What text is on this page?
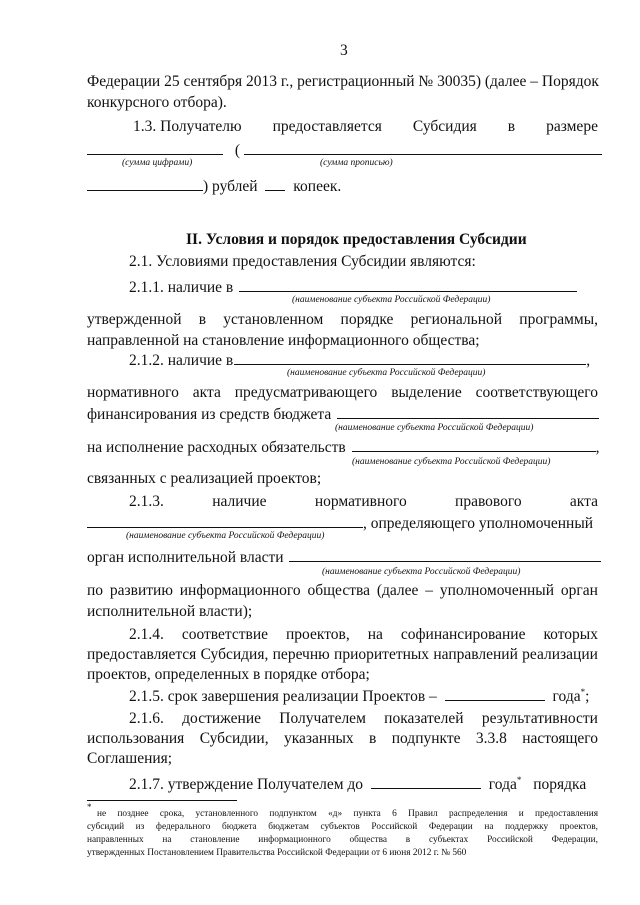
3
Федерации 25 сентября 2013 г., регистрационный № 30035) (далее – Порядок
конкурсного отбора).
1.3. Получателю предоставляется Субсидия в размере
(
(сумма цифрами)	(сумма прописью)
) рублей копеек.
II. Условия и порядок предоставления Субсидии
2.1. Условиями предоставления Субсидии являются:
2.1.1. наличие в
(наименование субъекта Российской Федерации)
утвержденной в установленном порядке региональной программы,
направленной на становление информационного общества;
2.1.2. наличие в	,
(наименование субъекта Российской Федерации)
нормативного акта предусматривающего выделение соответствующего
финансирования из средств бюджета
(наименование субъекта Российской Федерации)
на исполнение расходных обязательств	,
(наименование субъекта Российской Федерации)
связанных с реализацией проектов;
2.1.3.	наличие	нормативного	правового	акта
, определяющего уполномоченный
(наименование субъекта Российской Федерации)
орган исполнительной власти
(наименование субъекта Российской Федерации)
по развитию информационного общества (далее – уполномоченный орган
исполнительной власти);
2.1.4. соответствие проектов, на софинансирование которых
предоставляется Субсидия, перечню приоритетных направлений реализации
проектов, определенных в порядке отбора;
2.1.5. срок завершения реализации Проектов –	года*;
2.1.6. достижение Получателем показателей результативности
использования Субсидии, указанных в подпункте 3.3.8 настоящего
Соглашения;
2.1.7. утверждение Получателем до	года* порядка
*
не позднее срока, установленного подпунктом «д» пункта 6 Правил распределения и предоставления
субсидий из федерального бюджета бюджетам субъектов Российской Федерации на поддержку проектов,
направленных на становление информационного общества в субъектах Российской Федерации,
утвержденных Постановлением Правительства Российской Федерации от 6 июня 2012 г. № 560
